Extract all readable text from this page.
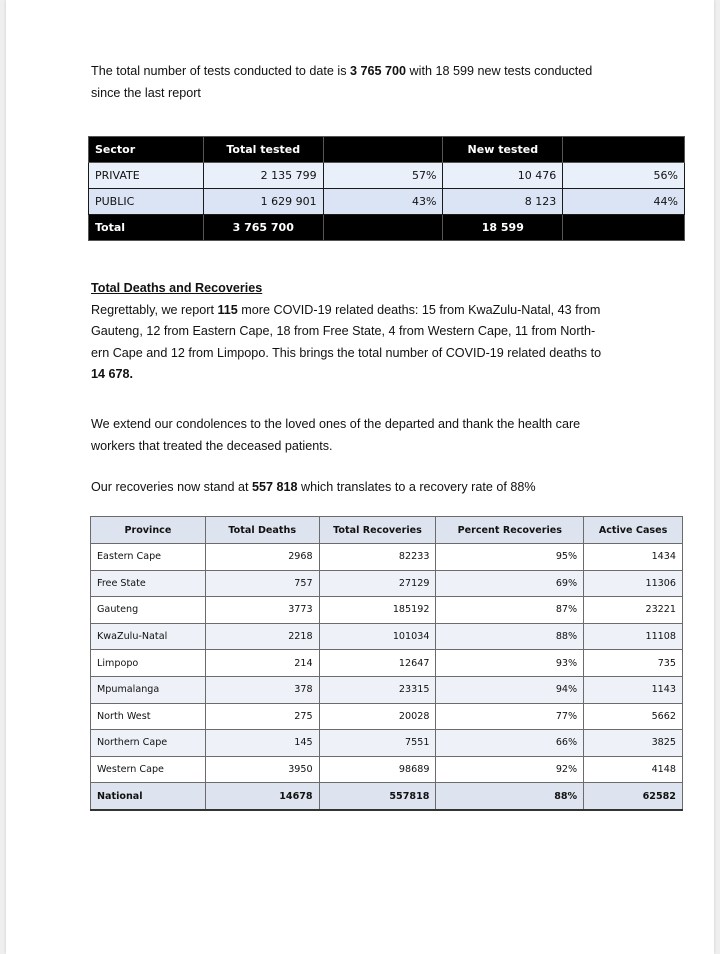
The total number of tests conducted to date is 3 765 700 with 18 599 new tests conducted
since the last report
Sector	Total tested		New tested	
PRIVATE	2 135 799	57%	10 476	56%
PUBLIC	1 629 901	43%	8 123	44%
Total	3 765 700		18 599	
Total Deaths and Recoveries
Regrettably, we report 115 more COVID-19 related deaths: 15 from KwaZulu-Natal, 43 from
Gauteng, 12 from Eastern Cape, 18 from Free State, 4 from Western Cape, 11 from North-
ern Cape and 12 from Limpopo. This brings the total number of COVID-19 related deaths to
14 678.
We extend our condolences to the loved ones of the departed and thank the health care
workers that treated the deceased patients.
Our recoveries now stand at 557 818 which translates to a recovery rate of 88%
Province	Total Deaths	Total Recoveries	Percent Recoveries	Active Cases
Eastern Cape	2968	82233	95%	1434
Free State	757	27129	69%	11306
Gauteng	3773	185192	87%	23221
KwaZulu-Natal	2218	101034	88%	11108
Limpopo	214	12647	93%	735
Mpumalanga	378	23315	94%	1143
North West	275	20028	77%	5662
Northern Cape	145	7551	66%	3825
Western Cape	3950	98689	92%	4148
National	14678	557818	88%	62582
